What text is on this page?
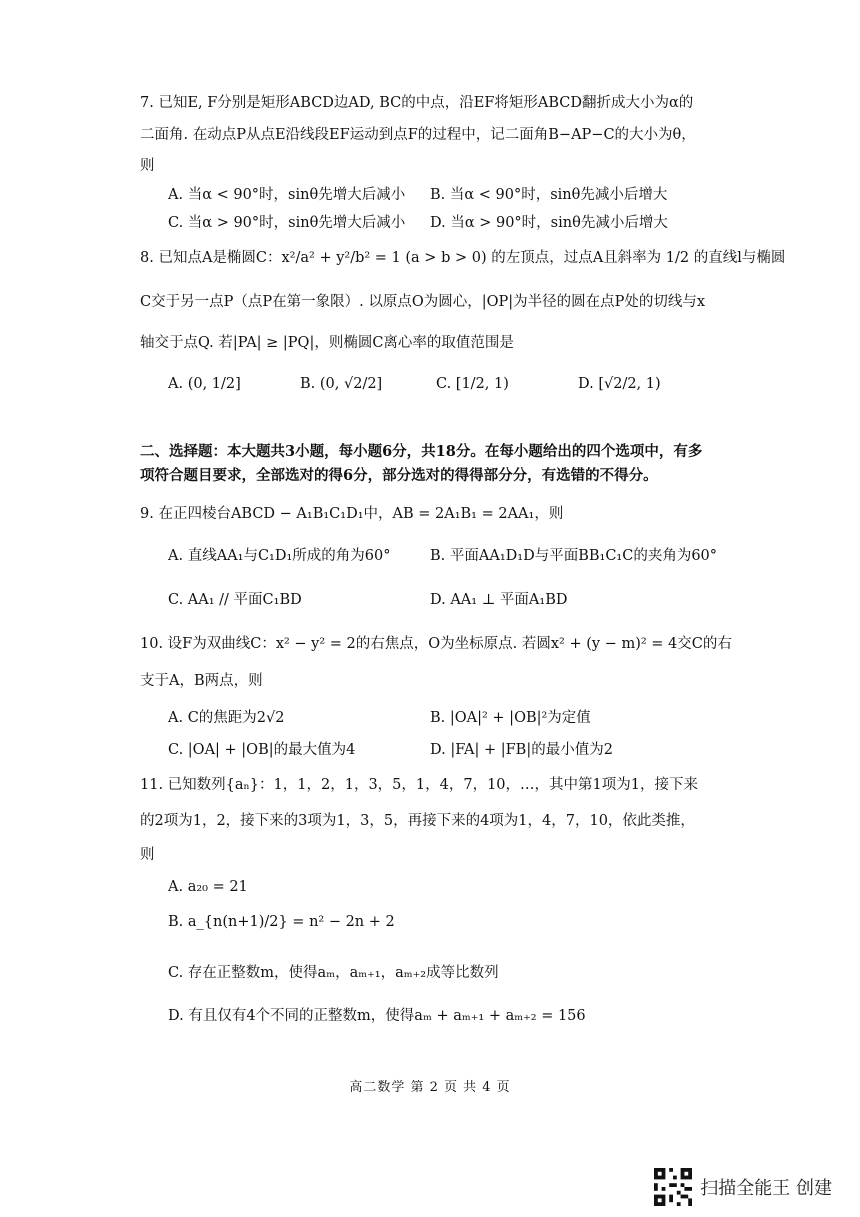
7. 已知E, F分别是矩形ABCD边AD, BC的中点，沿EF将矩形ABCD翻折成大小为α的
二面角. 在动点P从点E沿线段EF运动到点F的过程中，记二面角B−AP−C的大小为θ，
则
A. 当α < 90°时，sinθ先增大后减小 B. 当α < 90°时，sinθ先减小后增大
C. 当α > 90°时，sinθ先增大后减小 D. 当α > 90°时，sinθ先减小后增大
8. 已知点A是椭圆C：x²/a² + y²/b² = 1 (a > b > 0) 的左顶点，过点A且斜率为 1/2 的直线l与椭圆
C交于另一点P（点P在第一象限）. 以原点O为圆心，|OP|为半径的圆在点P处的切线与x
轴交于点Q. 若|PA| ≥ |PQ|，则椭圆C离心率的取值范围是
A. (0, 1/2]	B. (0, √2/2]	C. [1/2, 1)	D. [√2/2, 1)
二、选择题：本大题共3小题，每小题6分，共18分。在每小题给出的四个选项中，有多
项符合题目要求，全部选对的得6分，部分选对的得得部分分，有选错的不得分。
9. 在正四棱台ABCD − A₁B₁C₁D₁中，AB = 2A₁B₁ = 2AA₁，则
A. 直线AA₁与C₁D₁所成的角为60°	B. 平面AA₁D₁D与平面BB₁C₁C的夹角为60°
C. AA₁ // 平面C₁BD	D. AA₁ ⊥ 平面A₁BD
10. 设F为双曲线C：x² − y² = 2的右焦点，O为坐标原点. 若圆x² + (y − m)² = 4交C的右
支于A，B两点，则
A. C的焦距为2√2	B. |OA|² + |OB|²为定值
C. |OA| + |OB|的最大值为4	D. |FA| + |FB|的最小值为2
11. 已知数列{aₙ}：1，1，2，1，3，5，1，4，7，10，…，其中第1项为1，接下来
的2项为1，2，接下来的3项为1，3，5，再接下来的4项为1，4，7，10，依此类推，
则
A. a₂₀ = 21
B. a_{n(n+1)/2} = n² − 2n + 2
C. 存在正整数m，使得aₘ，aₘ₊₁，aₘ₊₂成等比数列
D. 有且仅有4个不同的正整数m，使得aₘ + aₘ₊₁ + aₘ₊₂ = 156
高二数学 第 2 页 共 4 页
扫描全能王 创建
